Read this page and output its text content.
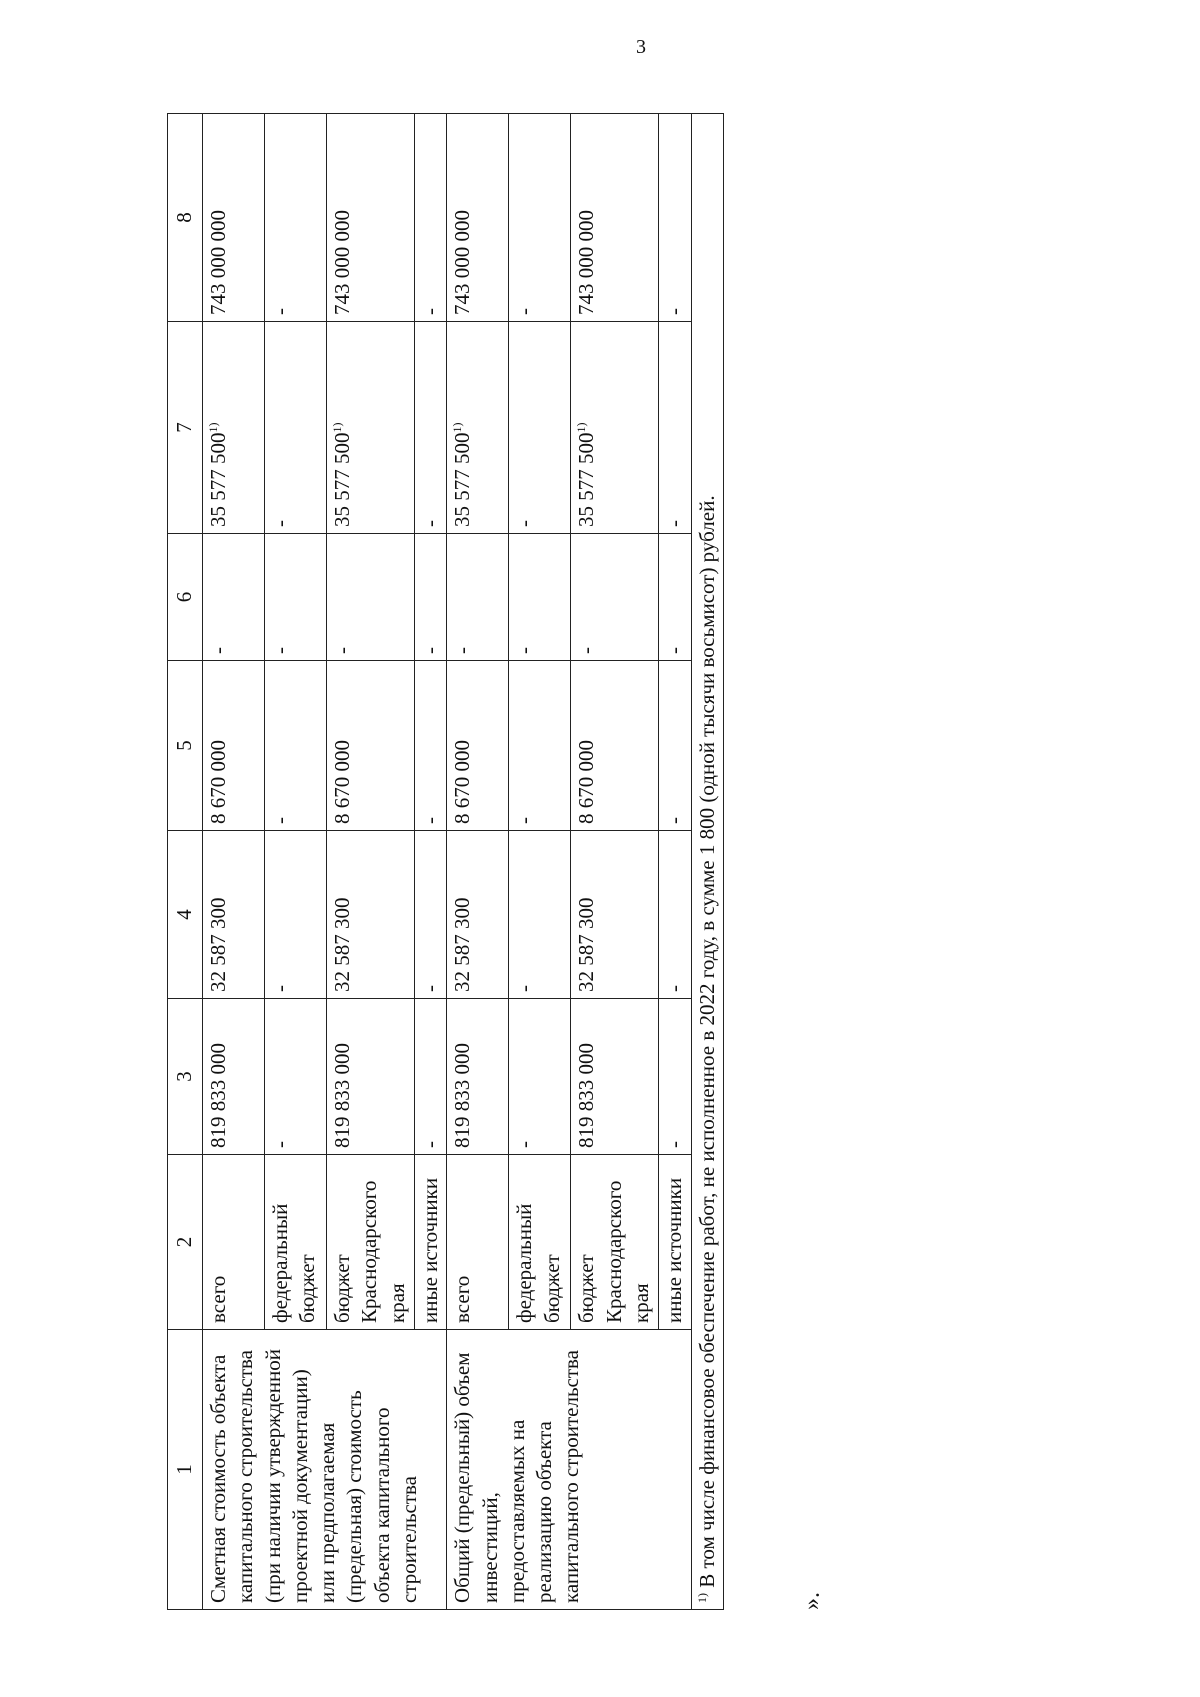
3
1	2	3	4	5	6	7	8
Сметная стоимость объекта капитального строительства (при наличии утвержденной проектной документации) или предполагаемая (предельная) стоимость объекта капитального строительства	всего	819 833 000	32 587 300	8 670 000	-	35 577 500$^{1)}$	743 000 000
	федеральный бюджет	-	-	-	-	-	-
	бюджет Краснодарского края	819 833 000	32 587 300	8 670 000	-	35 577 500$^{1)}$	743 000 000
	иные источники	-	-	-	-	-	-
Общий (предельный) объем инвестиций, предоставляемых на реализацию объекта капитального строительства	всего	819 833 000	32 587 300	8 670 000	-	35 577 500$^{1)}$	743 000 000
	федеральный бюджет	-	-	-	-	-	-
	бюджет Краснодарского края	819 833 000	32 587 300	8 670 000	-	35 577 500$^{1)}$	743 000 000
	иные источники	-	-	-	-	-	-
$^{1)}$ В том числе финансовое обеспечение работ, не исполненное в 2022 году, в сумме 1 800 (одной тысячи восьмисот) рублей.							
».
